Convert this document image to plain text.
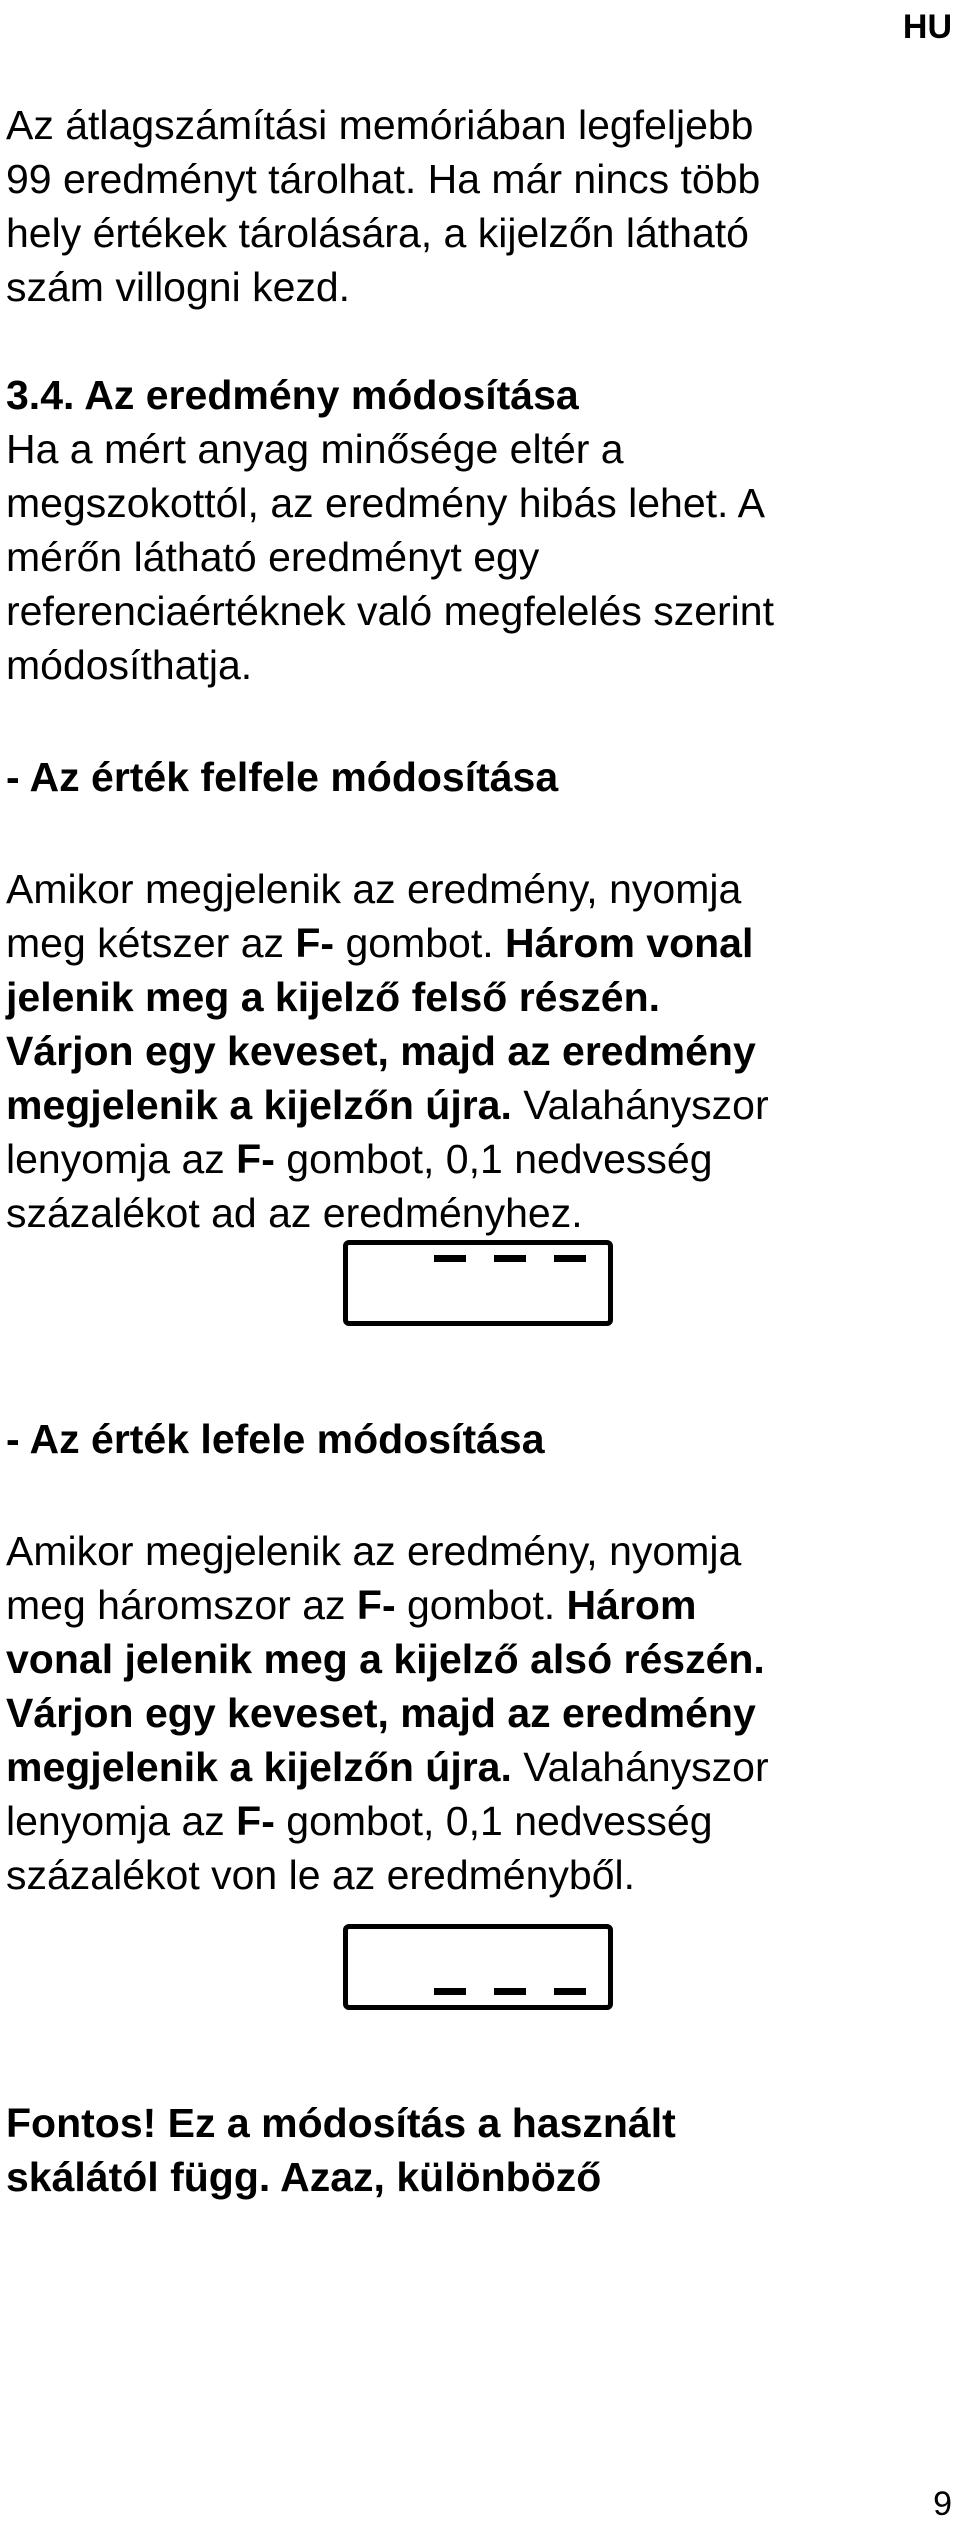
HU

Az átlagszámítási memóriában legfeljebb

99 eredményt tárolhat. Ha már nincs több

hely értékek tárolására, a kijelzőn látható

szám villogni kezd.

3.4. Az eredmény módosítása

Ha a mért anyag minősége eltér a

megszokottól, az eredmény hibás lehet. A

mérőn látható eredményt egy

referenciaértéknek való megfelelés szerint

módosíthatja.

- Az érték felfele módosítása

Amikor megjelenik az eredmény, nyomja

meg kétszer az F- gombot. Három vonal

jelenik meg a kijelző felső részén.

Várjon egy keveset, majd az eredmény

megjelenik a kijelzőn újra. Valahányszor

lenyomja az F- gombot, 0,1 nedvesség

százalékot ad az eredményhez.

- Az érték lefele módosítása

Amikor megjelenik az eredmény, nyomja

meg háromszor az F- gombot. Három

vonal jelenik meg a kijelző alsó részén.

Várjon egy keveset, majd az eredmény

megjelenik a kijelzőn újra. Valahányszor

lenyomja az F- gombot, 0,1 nedvesség

százalékot von le az eredményből.

Fontos! Ez a módosítás a használt

skálától függ. Azaz, különböző

9
